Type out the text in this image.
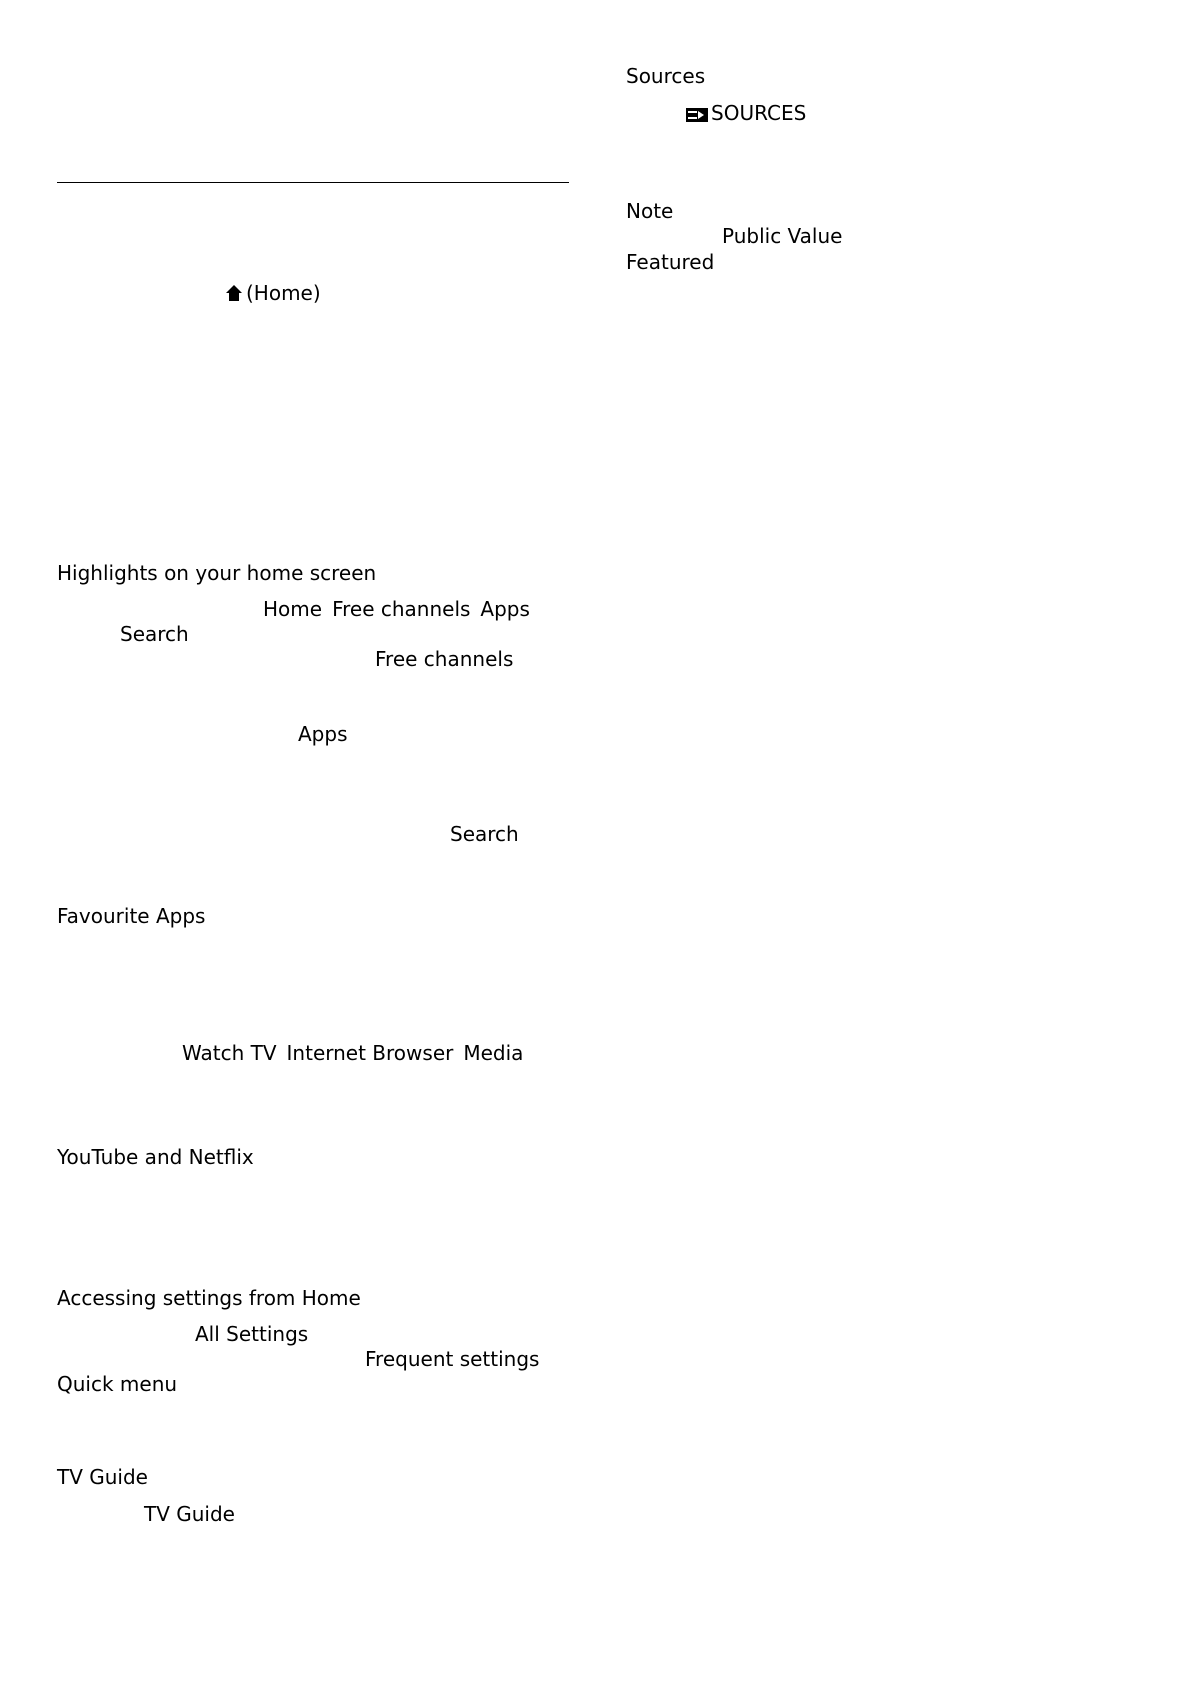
Sources

SOURCES

Note

Public Value

Featured

(Home)

Highlights on your home screen

Home Free channels Apps

Search

Free channels

Apps

Search

Favourite Apps

Watch TV Internet Browser Media

YouTube and Netflix

Accessing settings from Home

All Settings

Frequent settings

Quick menu

TV Guide

TV Guide
